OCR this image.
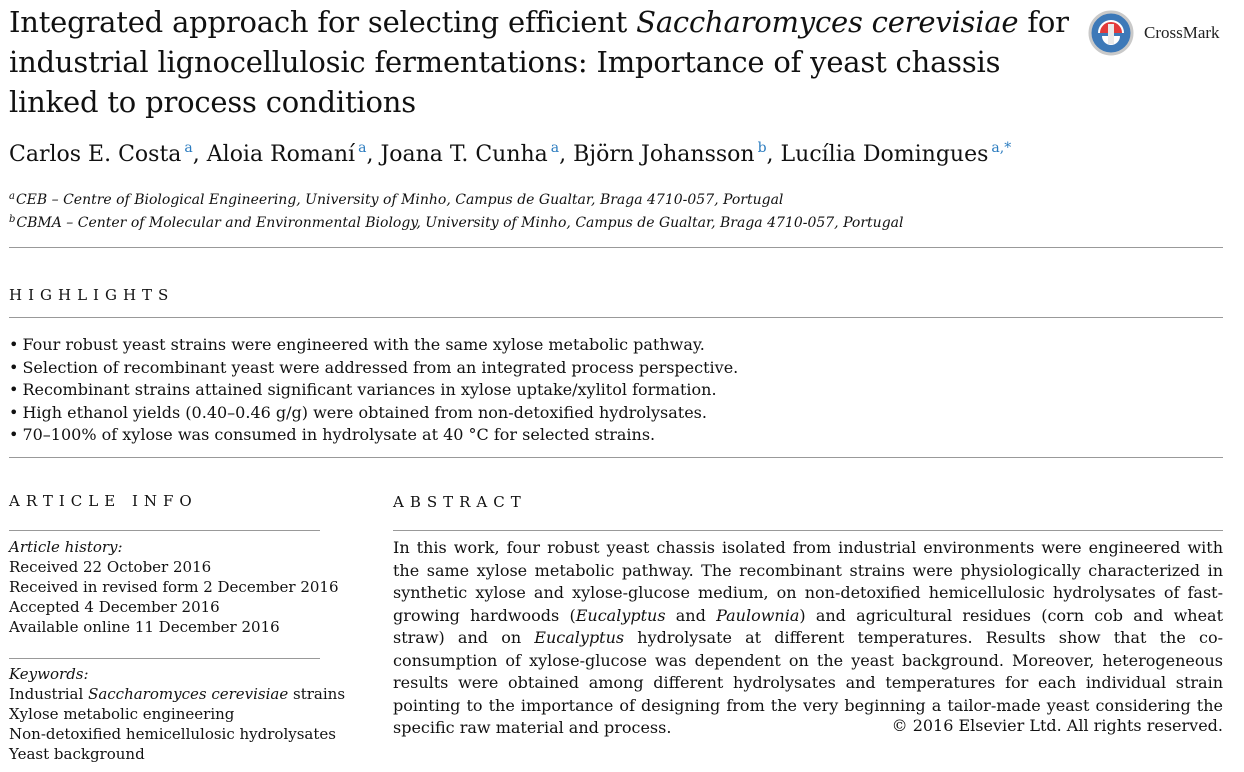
Integrated approach for selecting efficient Saccharomyces cerevisiae for industrial lignocellulosic fermentations: Importance of yeast chassis linked to process conditions
CrossMark
Carlos E. Costa $^a$, Aloia Romaní $^a$, Joana T. Cunha $^a$, Björn Johansson $^b$, Lucília Domingues $^{a,*}$
$^a$CEB – Centre of Biological Engineering, University of Minho, Campus de Gualtar, Braga 4710-057, Portugal
$^b$CBMA – Center of Molecular and Environmental Biology, University of Minho, Campus de Gualtar, Braga 4710-057, Portugal
HIGHLIGHTS
• Four robust yeast strains were engineered with the same xylose metabolic pathway.
• Selection of recombinant yeast were addressed from an integrated process perspective.
• Recombinant strains attained significant variances in xylose uptake/xylitol formation.
• High ethanol yields (0.40–0.46 g/g) were obtained from non-detoxified hydrolysates.
• 70–100% of xylose was consumed in hydrolysate at 40 °C for selected strains.
ARTICLE INFO
Article history:
Received 22 October 2016
Received in revised form 2 December 2016
Accepted 4 December 2016
Available online 11 December 2016
Keywords:
Industrial Saccharomyces cerevisiae strains
Xylose metabolic engineering
Non-detoxified hemicellulosic hydrolysates
Yeast background
ABSTRACT

In this work, four robust yeast chassis isolated from industrial environments were engineered with the same xylose metabolic pathway. The recombinant strains were physiologically characterized in synthetic xylose and xylose-glucose medium, on non-detoxified hemicellulosic hydrolysates of fast-growing hardwoods (Eucalyptus and Paulownia) and agricultural residues (corn cob and wheat straw) and on Eucalyptus hydrolysate at different temperatures. Results show that the co-consumption of xylose-glucose was dependent on the yeast background. Moreover, heterogeneous results were obtained among different hydrolysates and temperatures for each individual strain pointing to the importance of designing from the very beginning a tailor-made yeast considering the specific raw material and process.	© 2016 Elsevier Ltd. All rights reserved.
